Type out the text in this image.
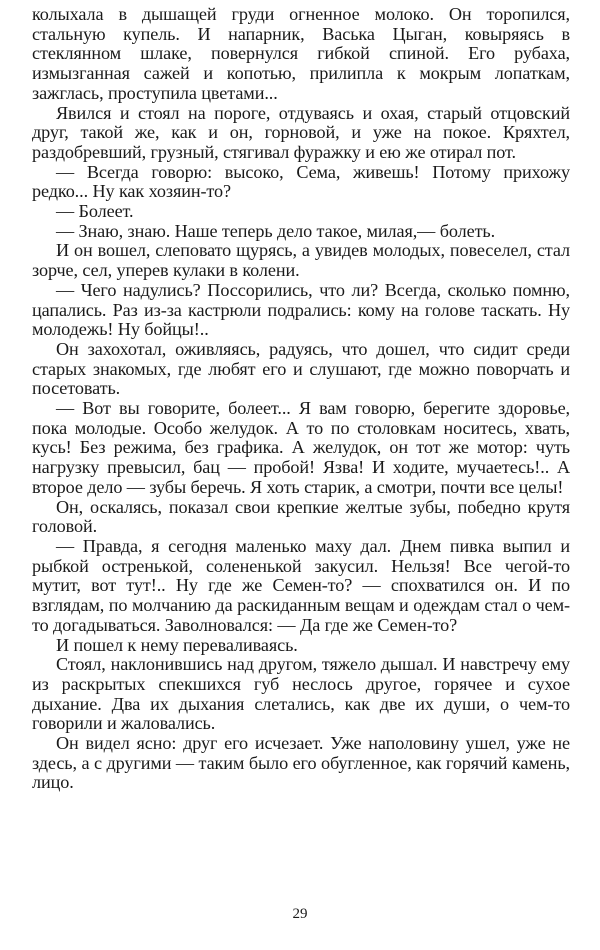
колыхала в дышащей груди огненное молоко. Он торопился, стальную купель. И напарник, Васька Цыган, ковыряясь в стеклянном шлаке, повернулся гибкой спиной. Его рубаха, измызганная сажей и копотью, прилипла к мокрым лопаткам, зажглась, проступила цветами...

Явился и стоял на пороге, отдуваясь и охая, старый отцовский друг, такой же, как и он, горновой, и уже на покое. Кряхтел, раздобревший, грузный, стягивал фуражку и ею же отирал пот.

— Всегда говорю: высоко, Сема, живешь! Потому прихожу редко... Ну как хозяин-то?

— Болеет.

— Знаю, знаю. Наше теперь дело такое, милая,— болеть.

И он вошел, слеповато щурясь, а увидев молодых, повеселел, стал зорче, сел, уперев кулаки в колени.

— Чего надулись? Поссорились, что ли? Всегда, сколько помню, цапались. Раз из-за кастрюли подрались: кому на голове таскать. Ну молодежь! Ну бойцы!..

Он захохотал, оживляясь, радуясь, что дошел, что сидит среди старых знакомых, где любят его и слушают, где можно поворчать и посетовать.

— Вот вы говорите, болеет... Я вам говорю, берегите здоровье, пока молодые. Особо желудок. А то по столовкам носитесь, хвать, кусь! Без режима, без графика. А желудок, он тот же мотор: чуть нагрузку превысил, бац — пробой! Язва! И ходите, мучаетесь!.. А второе дело — зубы беречь. Я хоть старик, а смотри, почти все целы!

Он, оскалясь, показал свои крепкие желтые зубы, победно крутя головой.

— Правда, я сегодня маленько маху дал. Днем пивка выпил и рыбкой остренькой, солененькой закусил. Нельзя! Все чегой-то мутит, вот тут!.. Ну где же Семен-то? — спохватился он. И по взглядам, по молчанию да раскиданным вещам и одеждам стал о чем-то догадываться. Заволновался: — Да где же Семен-то?

И пошел к нему переваливаясь.

Стоял, наклонившись над другом, тяжело дышал. И навстречу ему из раскрытых спекшихся губ неслось другое, горячее и сухое дыхание. Два их дыхания слетались, как две их души, о чем-то говорили и жаловались.

Он видел ясно: друг его исчезает. Уже наполовину ушел, уже не здесь, а с другими — таким было его обугленное, как горячий камень, лицо.

29
